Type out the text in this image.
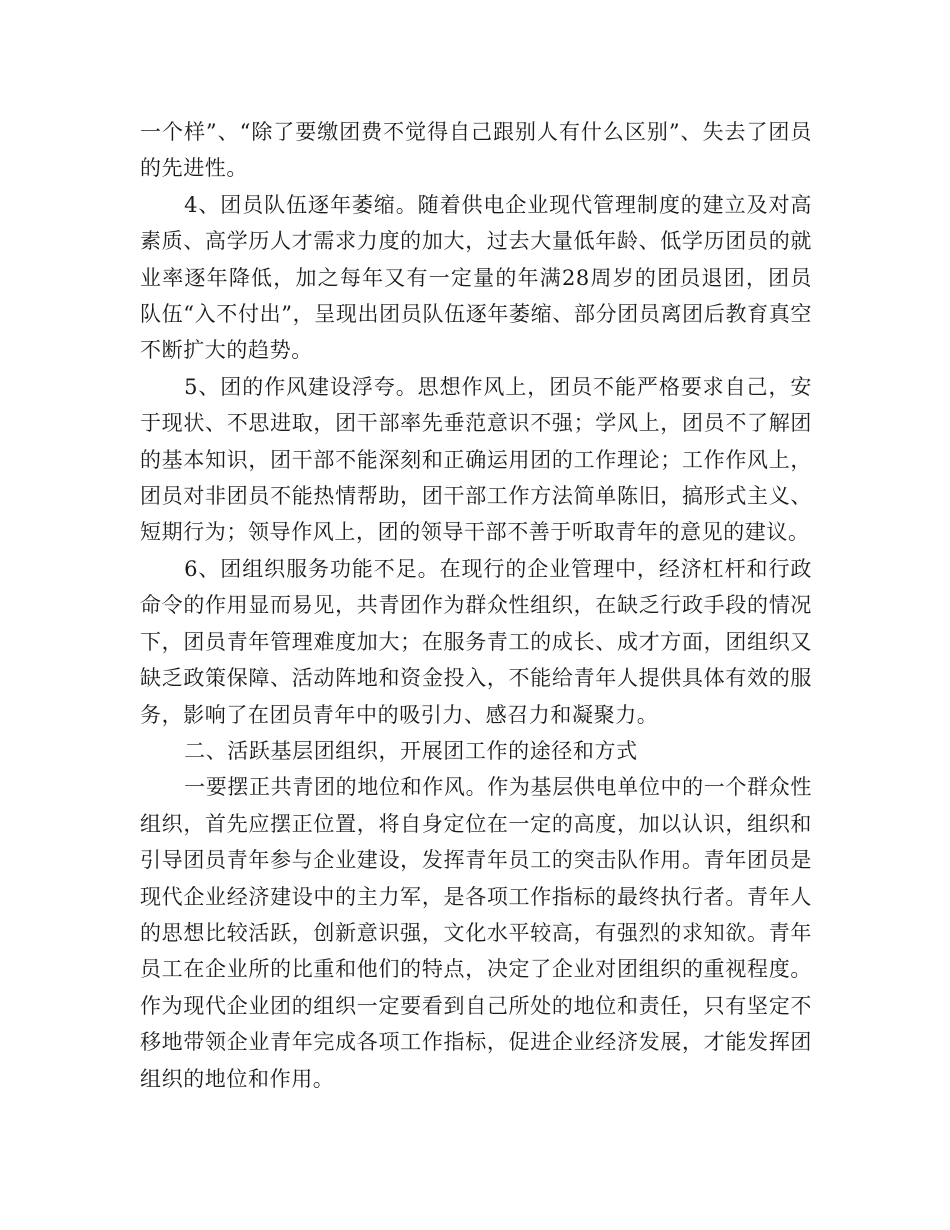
一个样”、“除了要缴团费不觉得自己跟别人有什么区别”、失去了团员的先进性。

4、团员队伍逐年萎缩。随着供电企业现代管理制度的建立及对高素质、高学历人才需求力度的加大，过去大量低年龄、低学历团员的就业率逐年降低，加之每年又有一定量的年满28周岁的团员退团，团员队伍“入不付出”，呈现出团员队伍逐年萎缩、部分团员离团后教育真空不断扩大的趋势。

5、团的作风建设浮夸。思想作风上，团员不能严格要求自己，安于现状、不思进取，团干部率先垂范意识不强；学风上，团员不了解团的基本知识，团干部不能深刻和正确运用团的工作理论；工作作风上，团员对非团员不能热情帮助，团干部工作方法简单陈旧，搞形式主义、短期行为；领导作风上，团的领导干部不善于听取青年的意见的建议。

6、团组织服务功能不足。在现行的企业管理中，经济杠杆和行政命令的作用显而易见，共青团作为群众性组织，在缺乏行政手段的情况下，团员青年管理难度加大；在服务青工的成长、成才方面，团组织又缺乏政策保障、活动阵地和资金投入，不能给青年人提供具体有效的服务，影响了在团员青年中的吸引力、感召力和凝聚力。

二、活跃基层团组织，开展团工作的途径和方式

一要摆正共青团的地位和作风。作为基层供电单位中的一个群众性组织，首先应摆正位置，将自身定位在一定的高度，加以认识，组织和引导团员青年参与企业建设，发挥青年员工的突击队作用。青年团员是现代企业经济建设中的主力军，是各项工作指标的最终执行者。青年人的思想比较活跃，创新意识强，文化水平较高，有强烈的求知欲。青年员工在企业所的比重和他们的特点，决定了企业对团组织的重视程度。作为现代企业团的组织一定要看到自己所处的地位和责任，只有坚定不移地带领企业青年完成各项工作指标，促进企业经济发展，才能发挥团组织的地位和作用。
